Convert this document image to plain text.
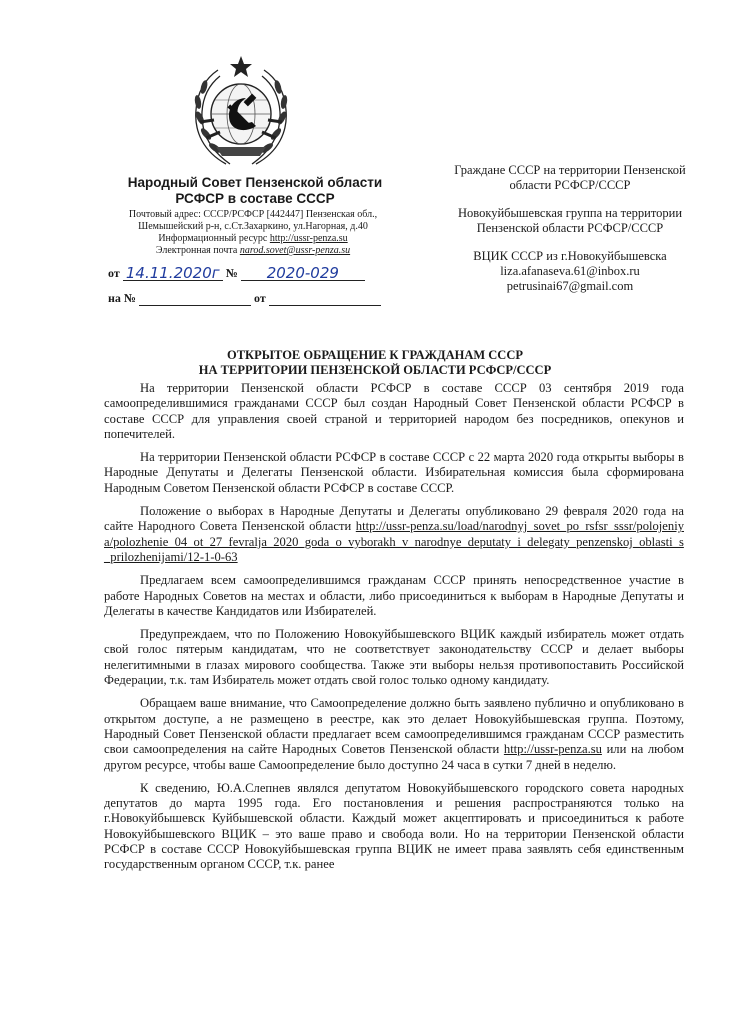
Народный Совет Пензенской области
РСФСР в составе СССР
Почтовый адрес: СССР/РСФСР [442447] Пензенская обл.,
Шемышейский р-н, с.Ст.Захаркино, ул.Нагорная, д.40
Информационный ресурс http://ussr-penza.su
Электронная почта narod.sovet@ussr-penza.su
от 14.11.2020г № 2020-029
на №	от

Граждане СССР на территории Пензенской
области РСФСР/СССР

Новокуйбышевская группа на территории
Пензенской области РСФСР/СССР

ВЦИК СССР из г.Новокуйбышевска
liza.afanaseva.61@inbox.ru
petrusinai67@gmail.com

ОТКРЫТОЕ ОБРАЩЕНИЕ К ГРАЖДАНАМ СССР
НА ТЕРРИТОРИИ ПЕНЗЕНСКОЙ ОБЛАСТИ РСФСР/СССР

На территории Пензенской области РСФСР в составе СССР 03 сентября 2019 года самоопределившимися гражданами СССР был создан Народный Совет Пензенской области РСФСР в составе СССР для управления своей страной и территорией народом без посредников, опекунов и попечителей.

На территории Пензенской области РСФСР в составе СССР с 22 марта 2020 года открыты выборы в Народные Депутаты и Делегаты Пензенской области. Избирательная комиссия была сформирована Народным Советом Пензенской области РСФСР в составе СССР.

Положение о выборах в Народные Депутаты и Делегаты опубликовано 29 февраля 2020 года на сайте Народного Совета Пензенской области http://ussr-penza.su/load/narodnyj_sovet_po_rsfsr_sssr/polojeniya/polozhenie_04_ot_27_fevralja_2020_goda_o_vyborakh_v_narodnye_deputaty_i_delegaty_penzenskoj_oblasti_s_prilozhenijami/12-1-0-63

Предлагаем всем самоопределившимся гражданам СССР принять непосредственное участие в работе Народных Советов на местах и области, либо присоединиться к выборам в Народные Депутаты и Делегаты в качестве Кандидатов или Избирателей.

Предупреждаем, что по Положению Новокуйбышевского ВЦИК каждый избиратель может отдать свой голос пятерым кандидатам, что не соответствует законодательству СССР и делает выборы нелегитимными в глазах мирового сообщества. Также эти выборы нельзя противопоставить Российской Федерации, т.к. там Избиратель может отдать свой голос только одному кандидату.

Обращаем ваше внимание, что Самоопределение должно быть заявлено публично и опубликовано в открытом доступе, а не размещено в реестре, как это делает Новокуйбышевская группа. Поэтому, Народный Совет Пензенской области предлагает всем самоопределившимся гражданам СССР разместить свои самоопределения на сайте Народных Советов Пензенской области http://ussr-penza.su или на любом другом ресурсе, чтобы ваше Самоопределение было доступно 24 часа в сутки 7 дней в неделю.

К сведению, Ю.А.Слепнев являлся депутатом Новокуйбышевского городского совета народных депутатов до марта 1995 года. Его постановления и решения распространяются только на г.Новокуйбышевск Куйбышевской области. Каждый может акцептировать и присоединиться к работе Новокуйбышевского ВЦИК – это ваше право и свобода воли. Но на территории Пензенской области РСФСР в составе СССР Новокуйбышевская группа ВЦИК не имеет права заявлять себя единственным государственным органом СССР, т.к. ранее
